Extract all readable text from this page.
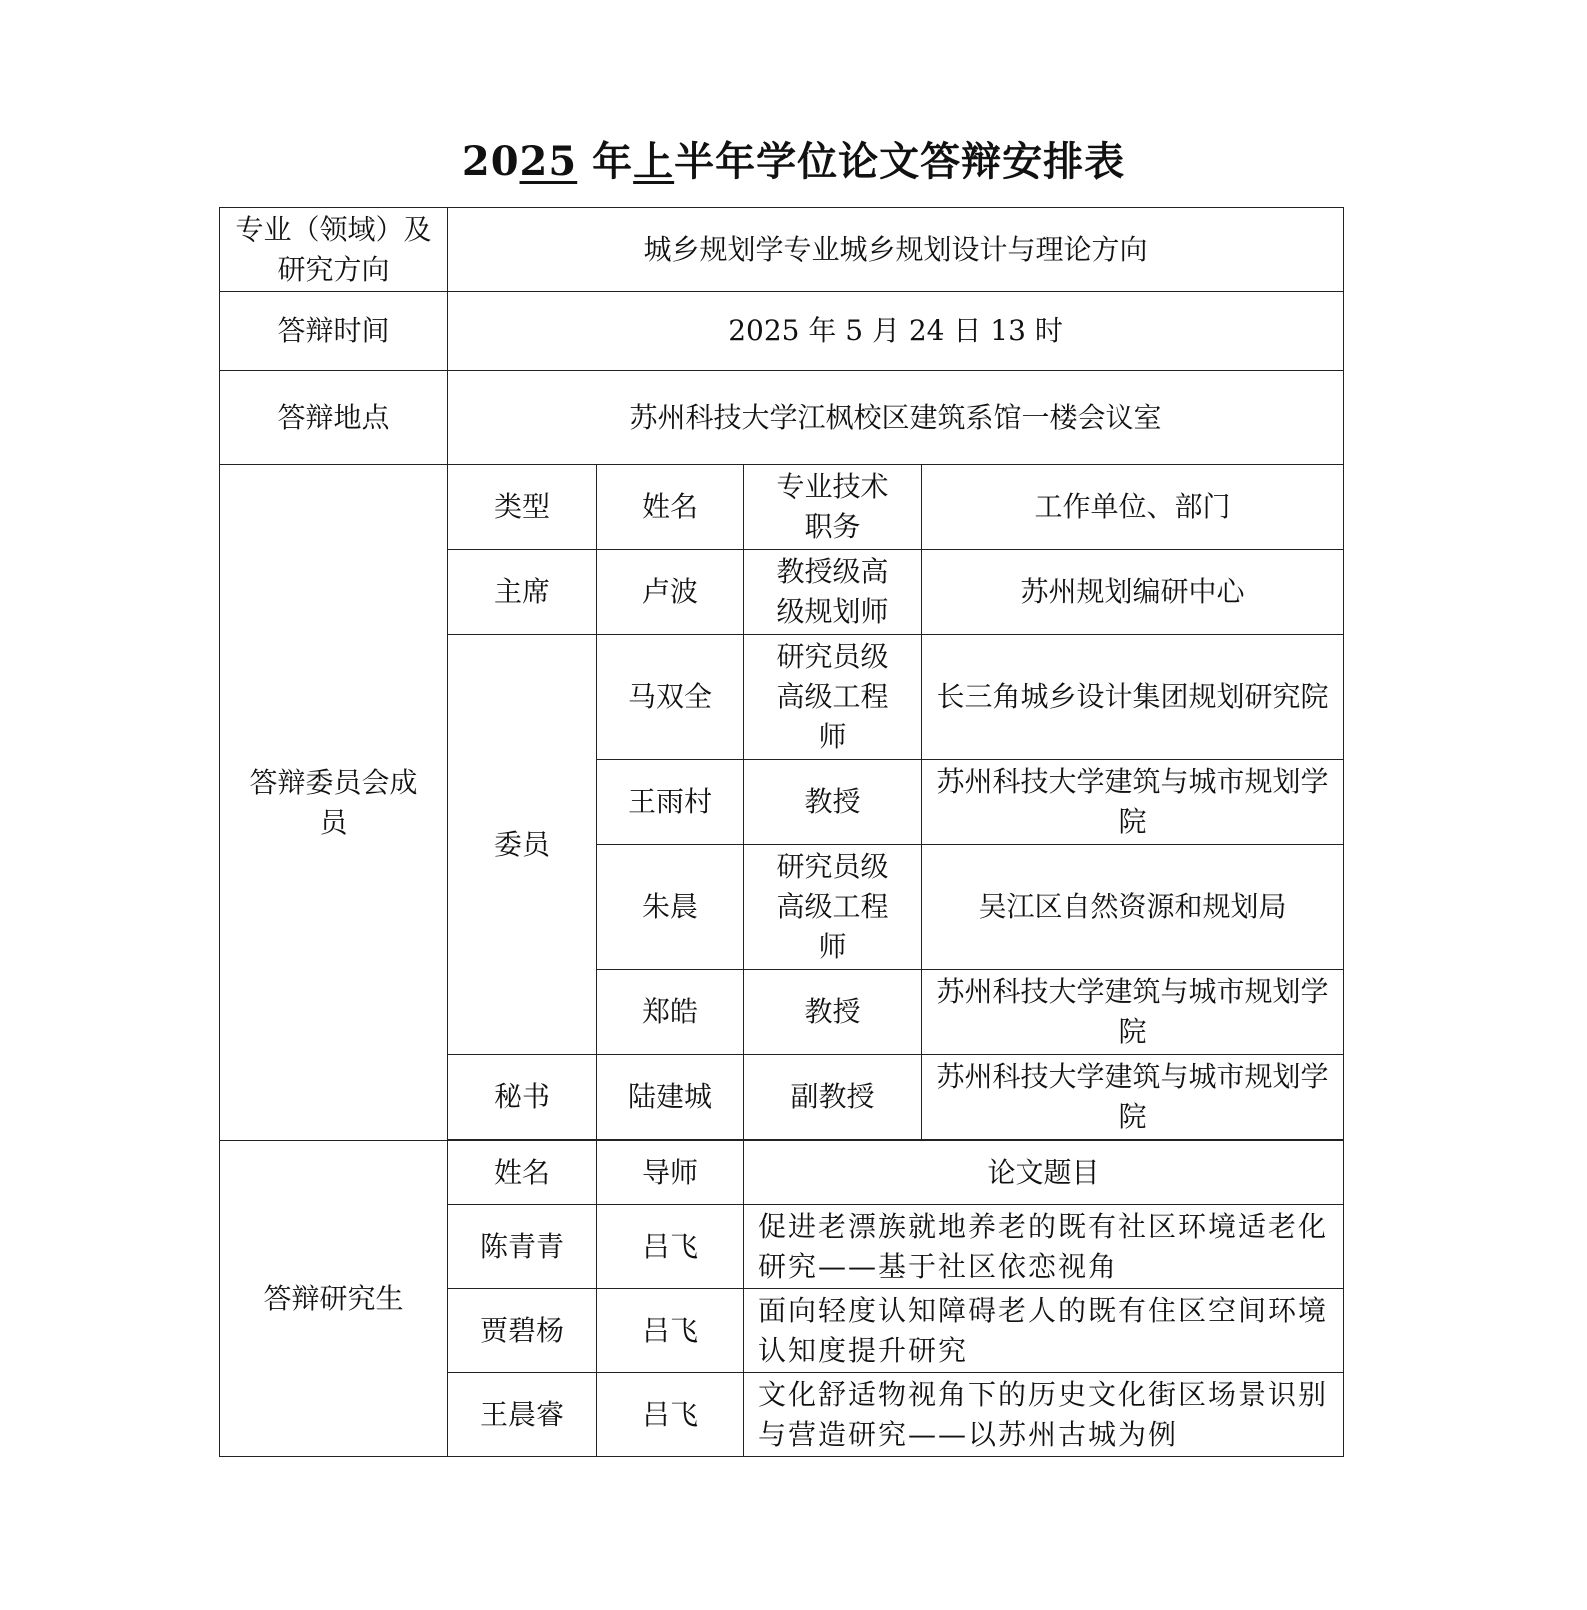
2025 年上半年学位论文答辩安排表
专业（领域）及研究方向	城乡规划学专业城乡规划设计与理论方向			
答辩时间	2025 年 5 月 24 日 13 时			
答辩地点	苏州科技大学江枫校区建筑系馆一楼会议室			
答辩委员会成员	类型	姓名	专业技术职务	工作单位、部门
	主席	卢波	教授级高级规划师	苏州规划编研中心
	委员	马双全	研究员级高级工程师	长三角城乡设计集团规划研究院
		王雨村	教授	苏州科技大学建筑与城市规划学院
		朱晨	研究员级高级工程师	吴江区自然资源和规划局
		郑皓	教授	苏州科技大学建筑与城市规划学院
	秘书	陆建城	副教授	苏州科技大学建筑与城市规划学院

答辩研究生	姓名	导师	论文题目	
	陈青青	吕飞	促进老漂族就地养老的既有社区环境适老化研究——基于社区依恋视角	
	贾碧杨	吕飞	面向轻度认知障碍老人的既有住区空间环境认知度提升研究	
	王晨睿	吕飞	文化舒适物视角下的历史文化街区场景识别与营造研究——以苏州古城为例	
